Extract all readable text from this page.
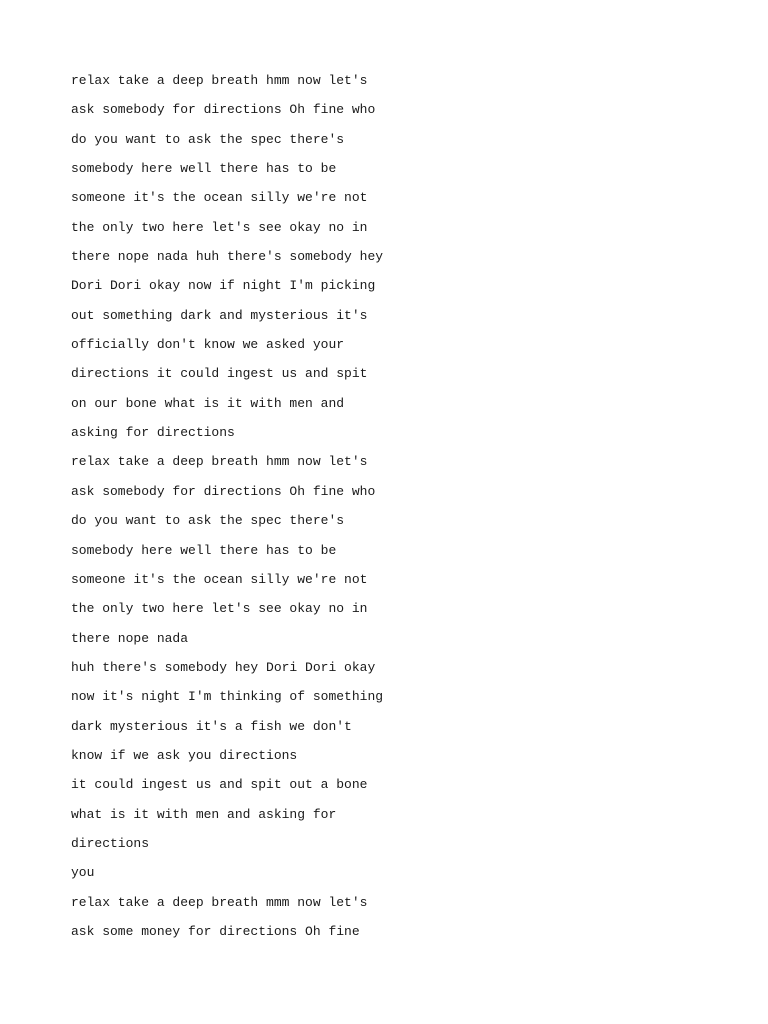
relax take a deep breath hmm now let's
ask somebody for directions Oh fine who
do you want to ask the spec there's
somebody here well there has to be
someone it's the ocean silly we're not
the only two here let's see okay no in
there nope nada huh there's somebody hey
Dori Dori okay now if night I'm picking
out something dark and mysterious it's
officially don't know we asked your
directions it could ingest us and spit
on our bone what is it with men and
asking for directions
relax take a deep breath hmm now let's
ask somebody for directions Oh fine who
do you want to ask the spec there's
somebody here well there has to be
someone it's the ocean silly we're not
the only two here let's see okay no in
there nope nada
huh there's somebody hey Dori Dori okay
now it's night I'm thinking of something
dark mysterious it's a fish we don't
know if we ask you directions
it could ingest us and spit out a bone
what is it with men and asking for
directions
you
relax take a deep breath mmm now let's
ask some money for directions Oh fine
